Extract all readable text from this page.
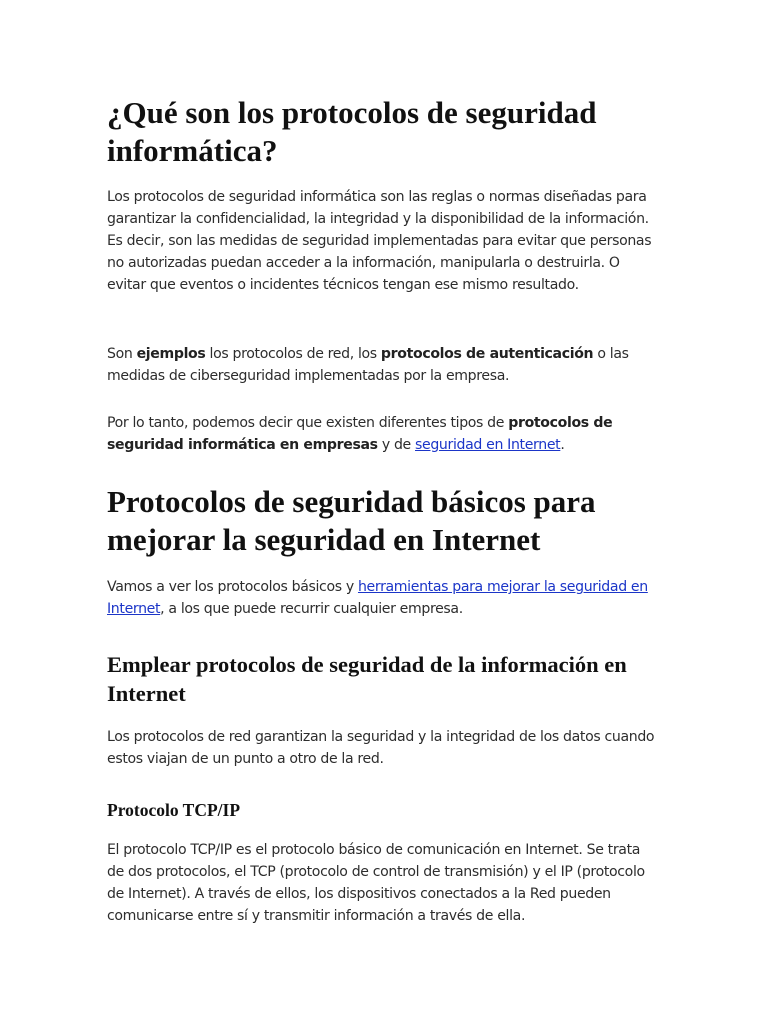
¿Qué son los protocolos de seguridad informática?

Los protocolos de seguridad informática son las reglas o normas diseñadas para garantizar la confidencialidad, la integridad y la disponibilidad de la información. Es decir, son las medidas de seguridad implementadas para evitar que personas no autorizadas puedan acceder a la información, manipularla o destruirla. O evitar que eventos o incidentes técnicos tengan ese mismo resultado.

Son ejemplos los protocolos de red, los protocolos de autenticación o las medidas de ciberseguridad implementadas por la empresa.

Por lo tanto, podemos decir que existen diferentes tipos de protocolos de seguridad informática en empresas y de seguridad en Internet.

Protocolos de seguridad básicos para mejorar la seguridad en Internet

Vamos a ver los protocolos básicos y herramientas para mejorar la seguridad en Internet, a los que puede recurrir cualquier empresa.

Emplear protocolos de seguridad de la información en Internet

Los protocolos de red garantizan la seguridad y la integridad de los datos cuando estos viajan de un punto a otro de la red.

Protocolo TCP/IP

El protocolo TCP/IP es el protocolo básico de comunicación en Internet. Se trata de dos protocolos, el TCP (protocolo de control de transmisión) y el IP (protocolo de Internet). A través de ellos, los dispositivos conectados a la Red pueden comunicarse entre sí y transmitir información a través de ella.
